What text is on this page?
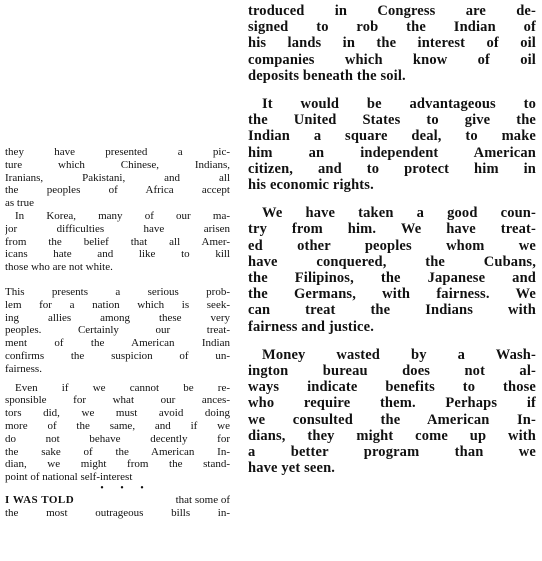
they have presented a pic-
ture which Chinese, Indians,
Iranians, Pakistani, and all
the peoples of Africa accept
as true
In Korea, many of our ma-
jor difficulties have arisen
from the belief that all Amer-
icans hate and like to kill
those who are not white.
This presents a serious prob-
lem for a nation which is seek-
ing allies among these very
peoples. Certainly our treat-
ment of the American Indian
confirms the suspicion of un-
fairness.
Even if we cannot be re-
sponsible for what our ances-
tors did, we must avoid doing
more of the same, and if we
do not behave decently for
the sake of the American In-
dian, we might from the stand-
point of national self-interest
• • •
I WAS TOLD	that some of
the most outrageous bills in-
troduced in Congress are de-
signed to rob the Indian of
his lands in the interest of oil
companies which know of oil
deposits beneath the soil.
It would be advantageous to
the United States to give the
Indian a square deal, to make
him an independent American
citizen, and to protect him in
his economic rights.
We have taken a good coun-
try from him. We have treat-
ed other peoples whom we
have conquered, the Cubans,
the Filipinos, the Japanese and
the Germans, with fairness. We
can treat the Indians with
fairness and justice.
Money wasted by a Wash-
ington bureau does not al-
ways indicate benefits to those
who require them. Perhaps if
we consulted the American In-
dians, they might come up with
a better program than we
have yet seen.
